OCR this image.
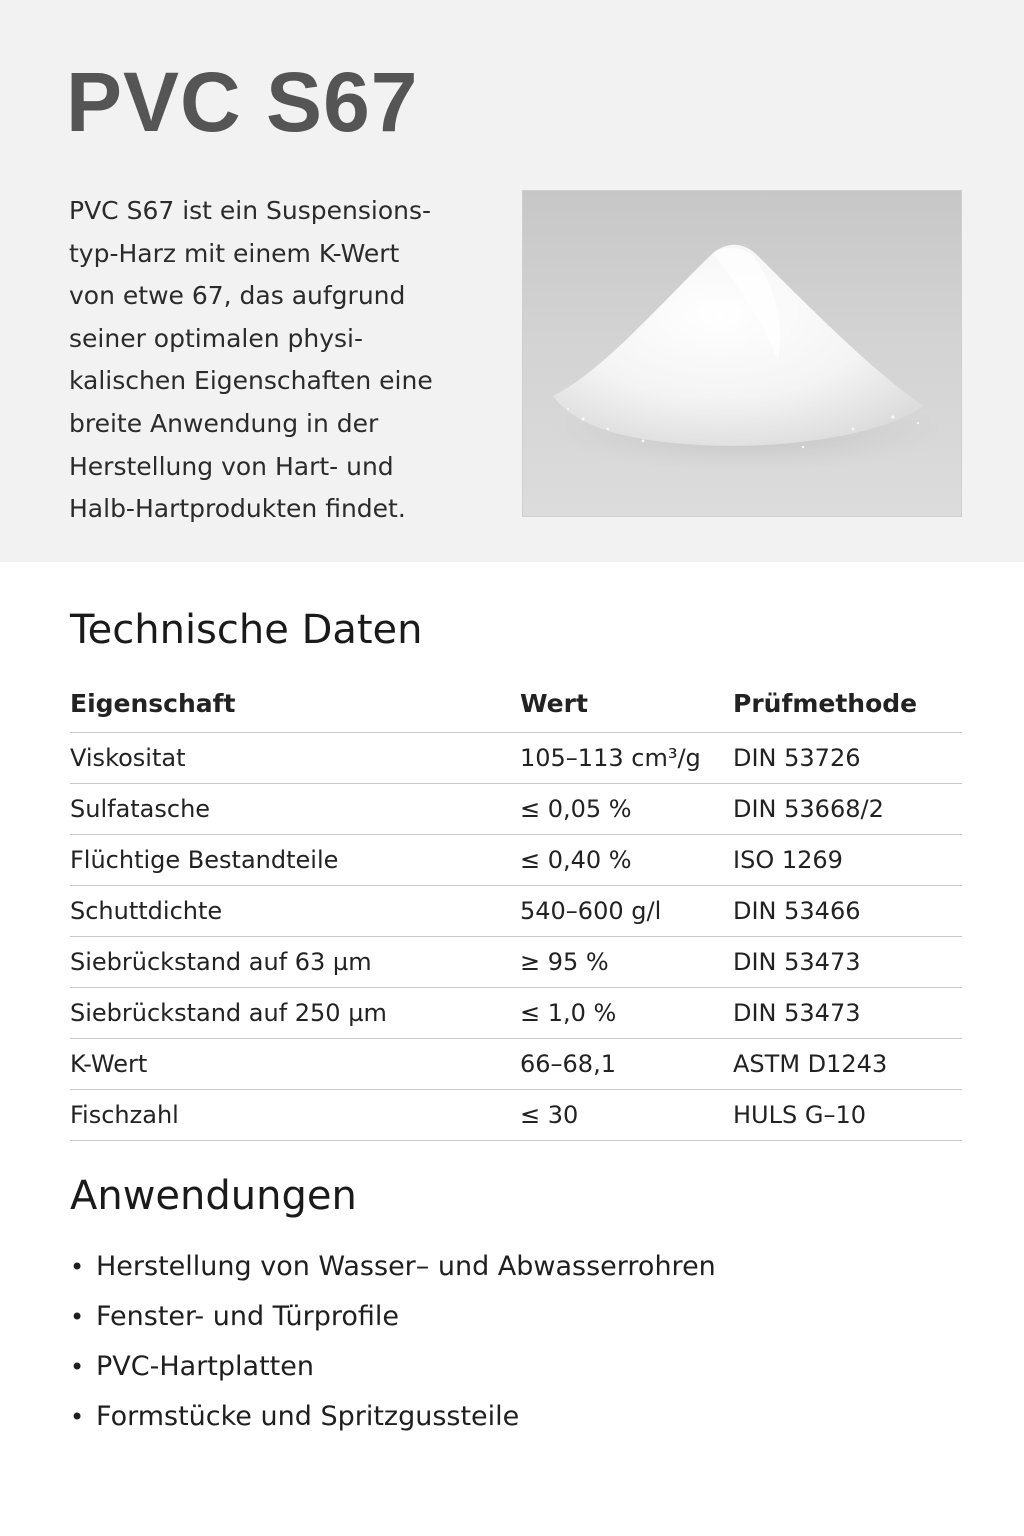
PVC S67

PVC S67 ist ein Suspensions-
typ-Harz mit einem K-Wert
von etwe 67, das aufgrund
seiner optimalen physi-
kalischen Eigenschaften eine
breite Anwendung in der
Herstellung von Hart- und
Halb-Hartprodukten findet.

Technische Daten
Eigenschaft	Wert	Prüfmethode
Viskositat	105–113 cm³/g	DIN 53726
Sulfatasche	≤ 0,05 %	DIN 53668/2
Flüchtige Bestandteile	≤ 0,40 %	ISO 1269
Schuttdichte	540–600 g/l	DIN 53466
Siebrückstand auf 63 µm	≥ 95 %	DIN 53473
Siebrückstand auf 250 µm	≤ 1,0 %	DIN 53473
K-Wert	66–68,1	ASTM D1243
Fischzahl	≤ 30	HULS G–10
Anwendungen
• Herstellung von Wasser– und Abwasserrohren
• Fenster- und Türprofile
• PVC-Hartplatten
• Formstücke und Spritzgussteile
